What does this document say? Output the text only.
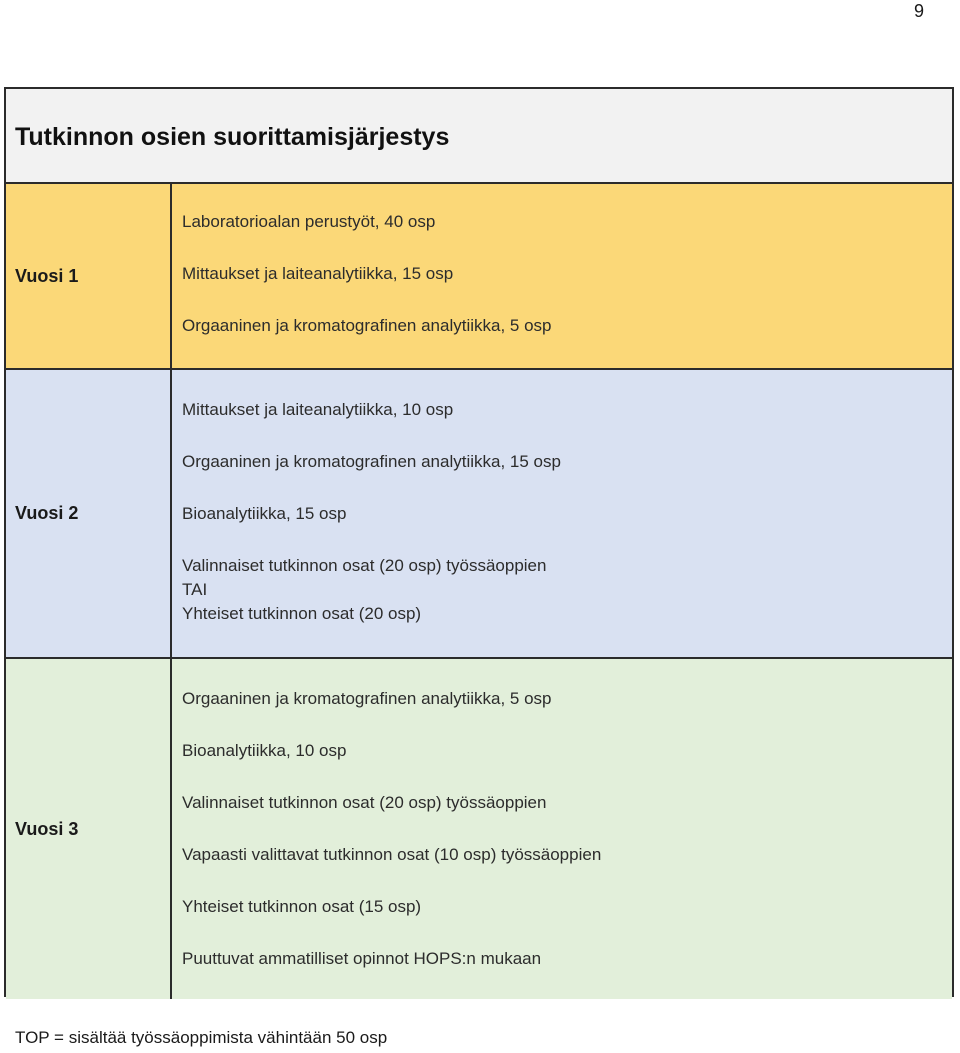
9
Tutkinnon osien suorittamisjärjestys
Vuosi 1
Laboratorioalan perustyöt, 40 osp
Mittaukset ja laiteanalytiikka, 15 osp
Orgaaninen ja kromatografinen analytiikka, 5 osp
Vuosi 2
Mittaukset ja laiteanalytiikka, 10 osp
Orgaaninen ja kromatografinen analytiikka, 15 osp
Bioanalytiikka, 15 osp
Valinnaiset tutkinnon osat (20 osp) työssäoppien
TAI
Yhteiset tutkinnon osat (20 osp)
Vuosi 3
Orgaaninen ja kromatografinen analytiikka, 5 osp
Bioanalytiikka, 10 osp
Valinnaiset tutkinnon osat (20 osp) työssäoppien
Vapaasti valittavat tutkinnon osat (10 osp) työssäoppien
Yhteiset tutkinnon osat (15 osp)
Puuttuvat ammatilliset opinnot HOPS:n mukaan
TOP = sisältää työssäoppimista vähintään 50 osp
